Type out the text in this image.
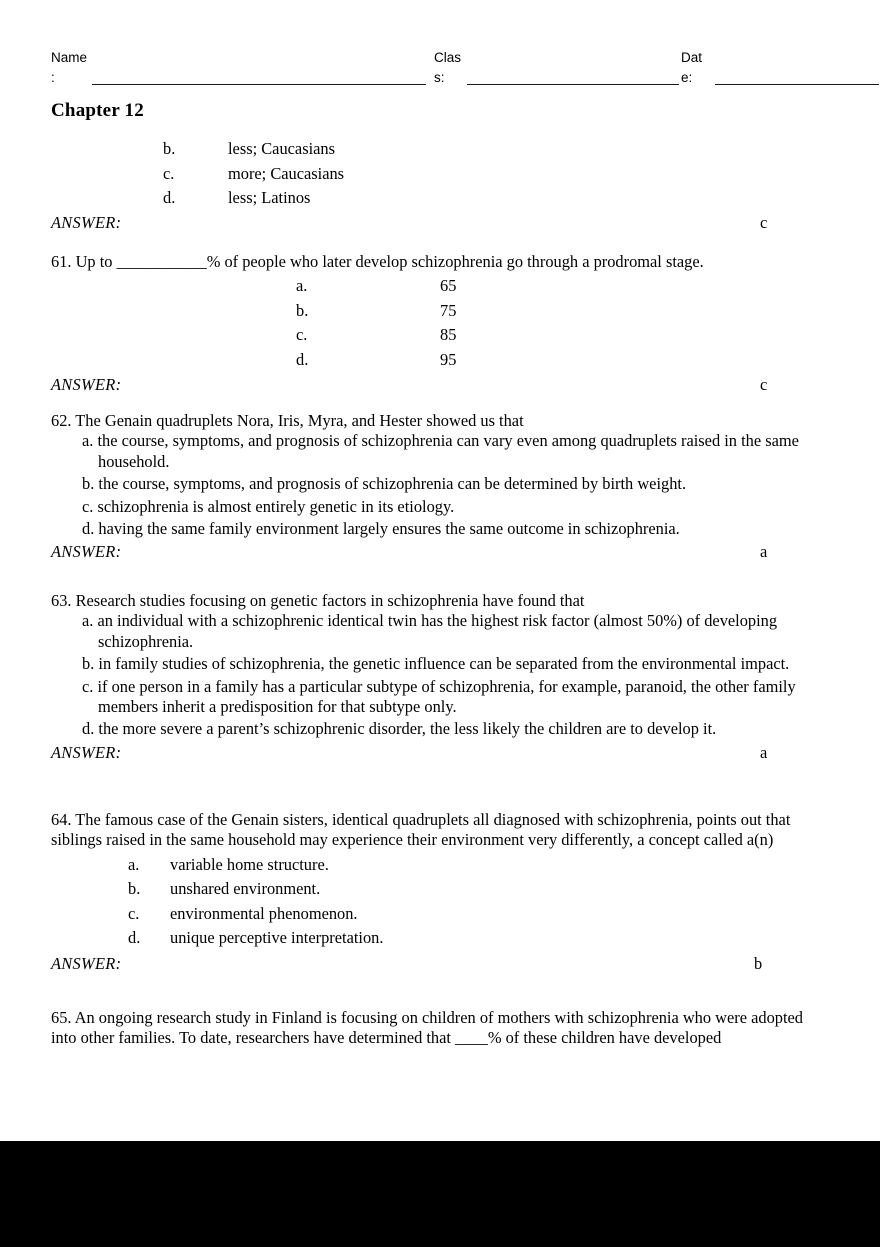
Name
:
Clas
s:
Dat
e:
Chapter 12
b.	less; Caucasians
c.	more; Caucasians
d.	less; Latinos
ANSWER:	c

61. Up to ___________% of people who later develop schizophrenia go through a prodromal stage.

a.	65
b.	75
c.	85
d.	95
ANSWER:	c

62. The Genain quadruplets Nora, Iris, Myra, and Hester showed us that

a. the course, symptoms, and prognosis of schizophrenia can vary even among quadruplets raised in the same household.
b. the course, symptoms, and prognosis of schizophrenia can be determined by birth weight.
c. schizophrenia is almost entirely genetic in its etiology.
d. having the same family environment largely ensures the same outcome in schizophrenia.
ANSWER:	a

63. Research studies focusing on genetic factors in schizophrenia have found that

a. an individual with a schizophrenic identical twin has the highest risk factor (almost 50%) of developing schizophrenia.
b. in family studies of schizophrenia, the genetic influence can be separated from the environmental impact.
c. if one person in a family has a particular subtype of schizophrenia, for example, paranoid, the other family members inherit a predisposition for that subtype only.
d. the more severe a parent’s schizophrenic disorder, the less likely the children are to develop it.
ANSWER:	a

64. The famous case of the Genain sisters, identical quadruplets all diagnosed with schizophrenia, points out that siblings raised in the same household may experience their environment very differently, a concept called a(n)

a.	variable home structure.
b.	unshared environment.
c.	environmental phenomenon.
d.	unique perceptive interpretation.
ANSWER:	b

65. An ongoing research study in Finland is focusing on children of mothers with schizophrenia who were adopted into other families. To date, researchers have determined that ____% of these children have developed
